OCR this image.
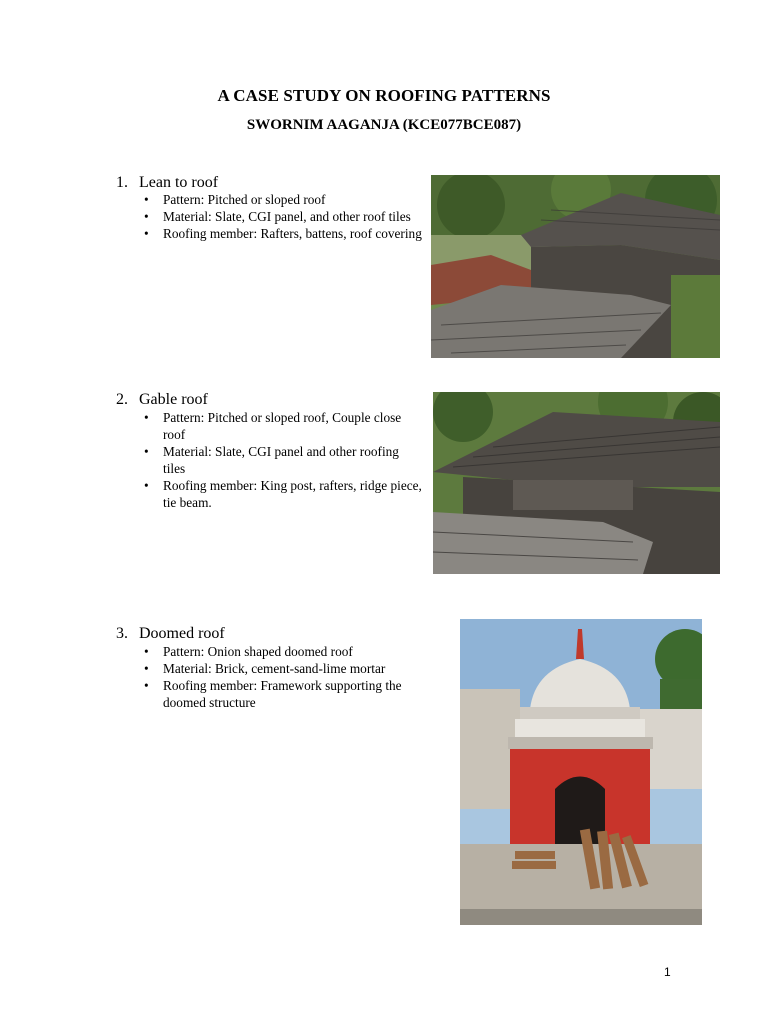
A CASE STUDY ON ROOFING PATTERNS
SWORNIM AAGANJA (KCE077BCE087)
1. Lean to roof
• Pattern: Pitched or sloped roof
• Material: Slate, CGI panel, and other roof tiles
• Roofing member: Rafters, battens, roof covering
2. Gable roof
• Pattern: Pitched or sloped roof, Couple close roof
• Material: Slate, CGI panel and other roofing tiles
• Roofing member: King post, rafters, ridge piece, tie beam.
3. Doomed roof
• Pattern: Onion shaped doomed roof
• Material: Brick, cement-sand-lime mortar
• Roofing member: Framework supporting the doomed structure
1
